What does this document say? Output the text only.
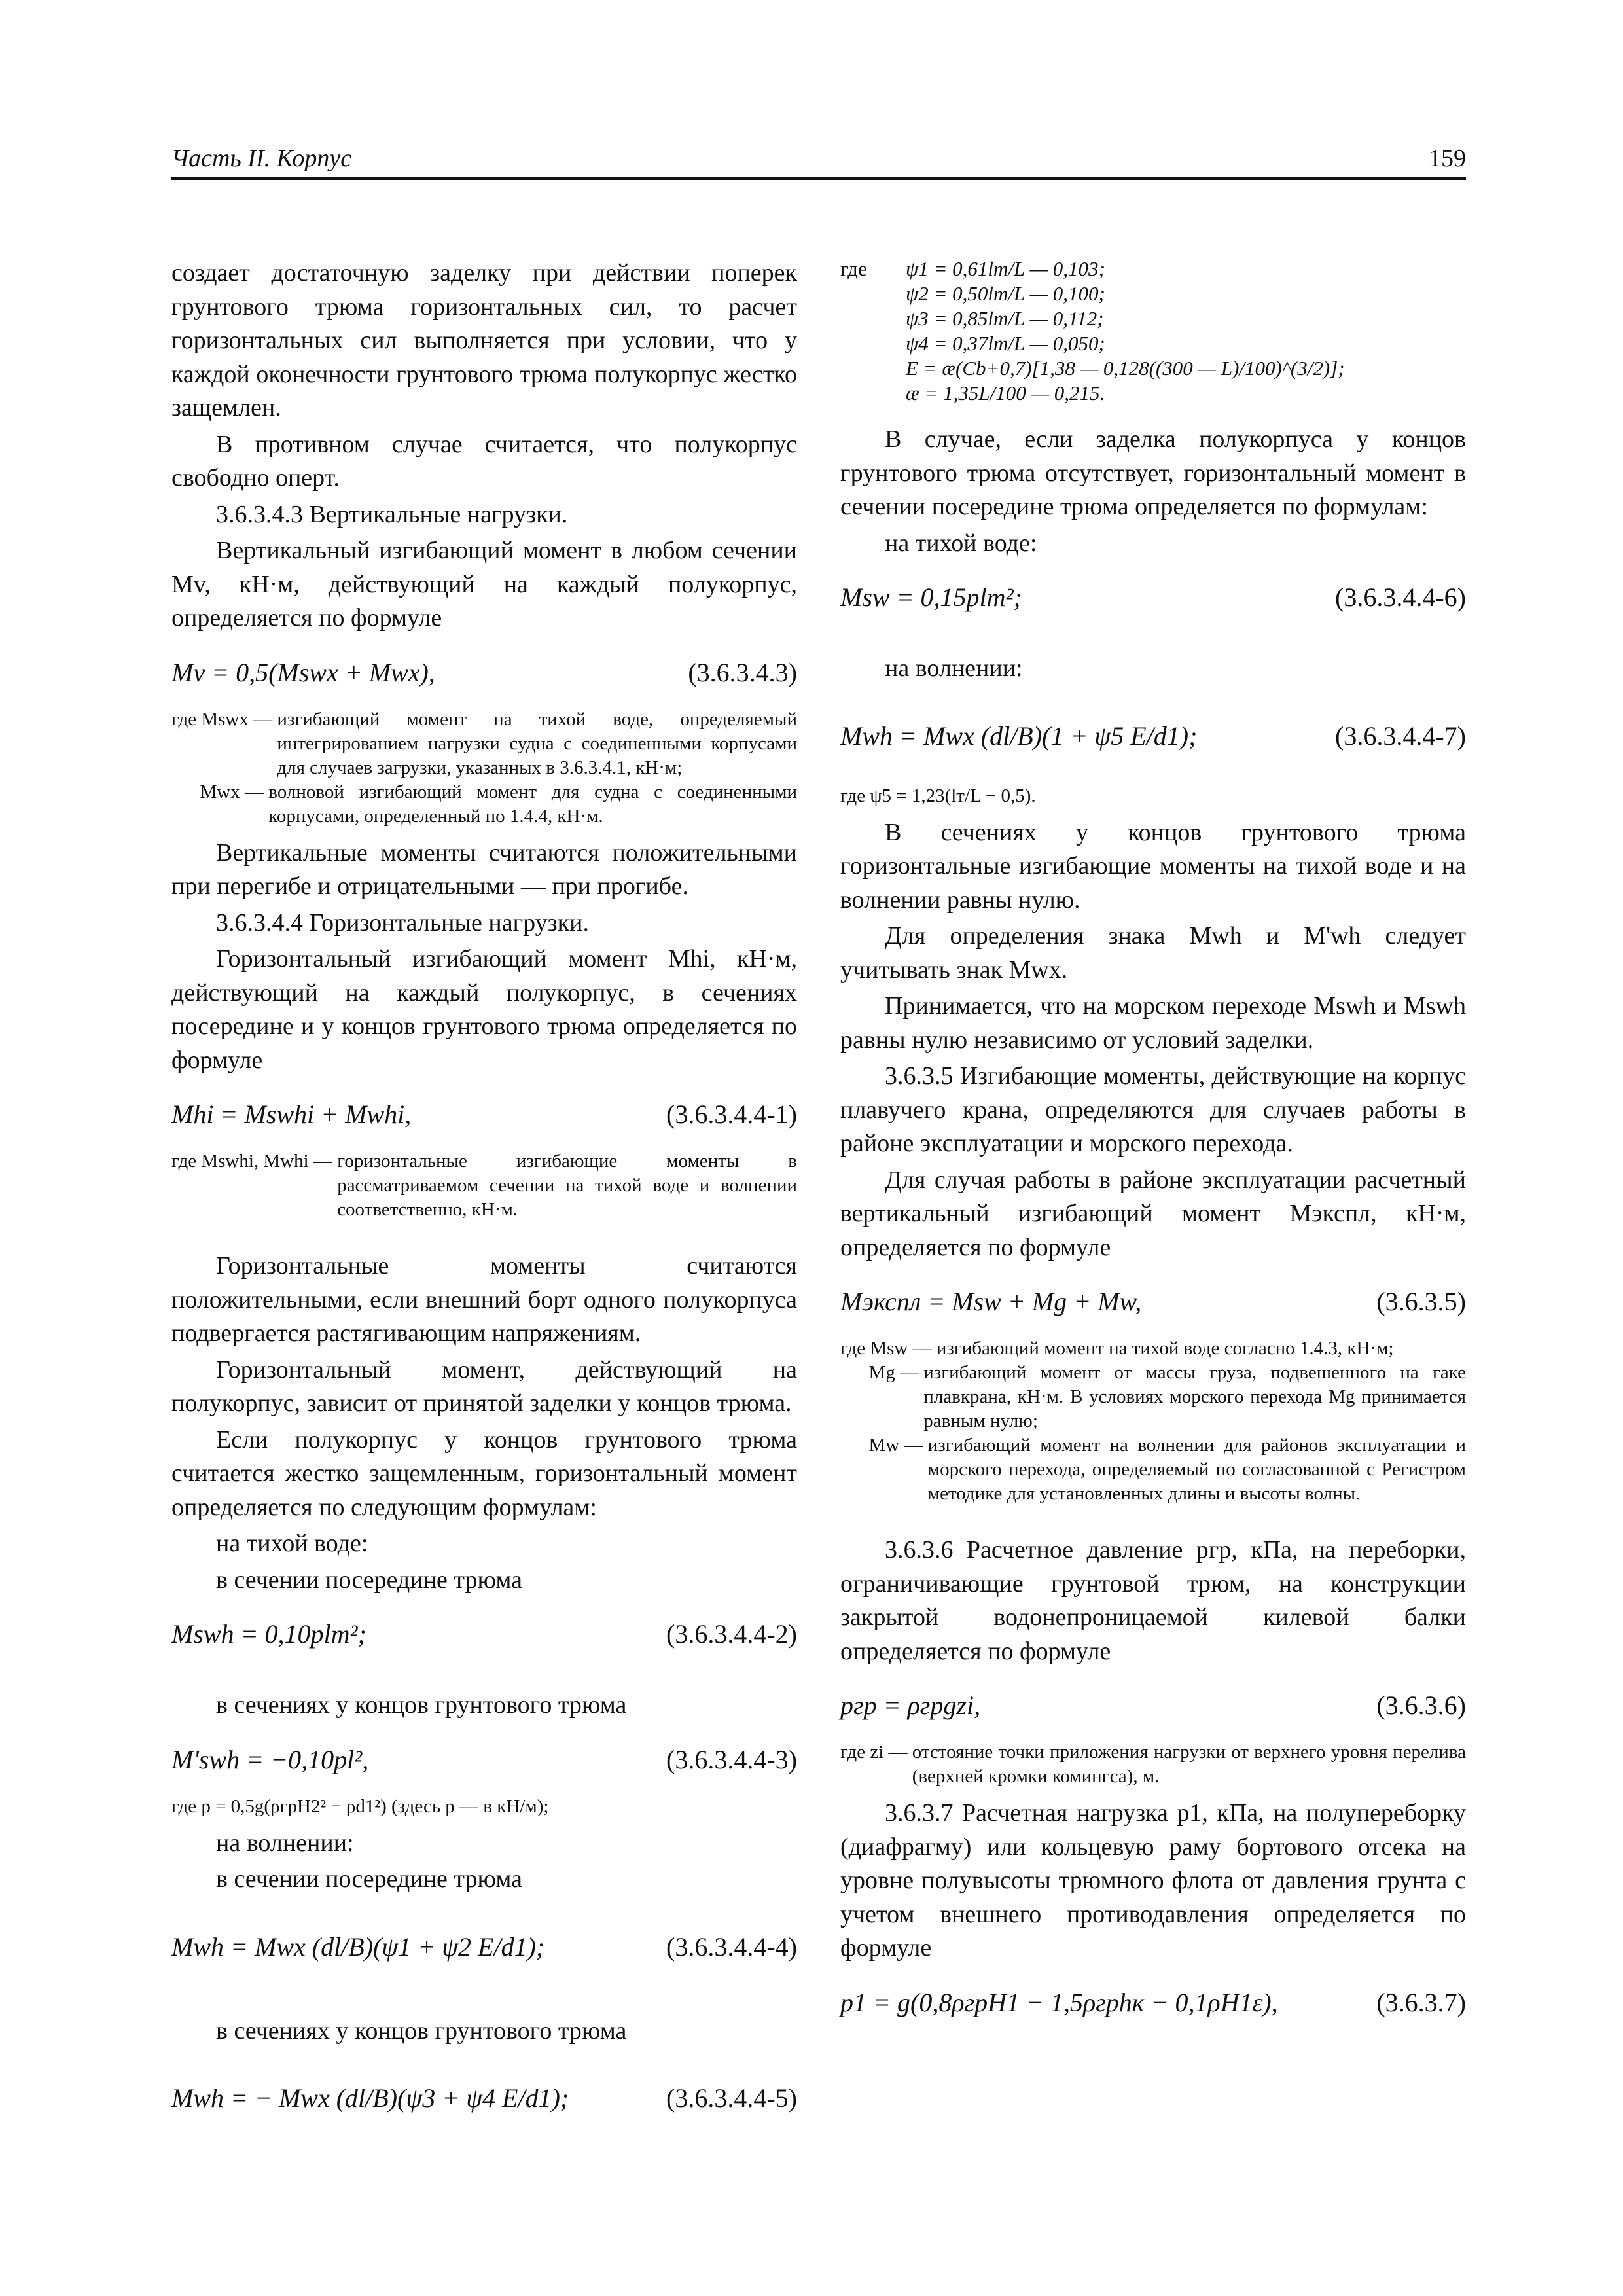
Часть II. Корпус	159

создает достаточную заделку при действии поперек грунтового трюма горизонтальных сил, то расчет горизонтальных сил выполняется при условии, что у каждой оконечности грунтового трюма полукорпус жестко защемлен.

В противном случае считается, что полукорпус свободно оперт.

3.6.3.4.3 Вертикальные нагрузки.

Вертикальный изгибающий момент в любом сечении Mv, кН·м, действующий на каждый полукорпус, определяется по формуле

Mv = 0,5(Mswx + Mwx),	(3.6.3.4.3)
где Mswx — изгибающий момент на тихой воде, определяемый интегрированием нагрузки судна с соединенными корпусами для случаев загрузки, указанных в 3.6.3.4.1, кН·м;
Mwx — волновой изгибающий момент для судна с соединенными корпусами, определенный по 1.4.4, кН·м.

Вертикальные моменты считаются положительными при перегибе и отрицательными — при прогибе.

3.6.3.4.4 Горизонтальные нагрузки.

Горизонтальный изгибающий момент Mhi, кН·м, действующий на каждый полукорпус, в сечениях посередине и у концов грунтового трюма определяется по формуле

Mhi = Mswhi + Mwhi,	(3.6.3.4.4-1)
где Mswhi, Mwhi — горизонтальные изгибающие моменты в рассматриваемом сечении на тихой воде и волнении соответственно, кН·м.

Горизонтальные моменты считаются положительными, если внешний борт одного полукорпуса подвергается растягивающим напряжениям.

Горизонтальный момент, действующий на полукорпус, зависит от принятой заделки у концов трюма.

Если полукорпус у концов грунтового трюма считается жестко защемленным, горизонтальный момент определяется по следующим формулам:

на тихой воде:

в сечении посередине трюма

Mswh = 0,10plт²;	(3.6.3.4.4-2)

в сечениях у концов грунтового трюма

M'swh = −0,10pl²,	(3.6.3.4.4-3)
где p = 0,5g(ρгрH2² − ρd1²) (здесь p — в кН/м);

на волнении:

в сечении посередине трюма

Mwh = Mwx (dl/B)(ψ1 + ψ2 E/d1);	(3.6.3.4.4-4)

в сечениях у концов грунтового трюма

Mwh = − Mwx (dl/B)(ψ3 + ψ4 E/d1);	(3.6.3.4.4-5)
где	ψ1 = 0,61lт/L — 0,103;
ψ2 = 0,50lт/L — 0,100;
ψ3 = 0,85lт/L — 0,112;
ψ4 = 0,37lт/L — 0,050;
E = æ(Cb+0,7)[1,38 — 0,128((300 — L)/100)^(3/2)];
æ = 1,35L/100 — 0,215.

В случае, если заделка полукорпуса у концов грунтового трюма отсутствует, горизонтальный момент в сечении посередине трюма определяется по формулам:

на тихой воде:

Msw = 0,15plт²;	(3.6.3.4.4-6)

на волнении:

Mwh = Mwx (dl/B)(1 + ψ5 E/d1);	(3.6.3.4.4-7)
где ψ5 = 1,23(lт/L − 0,5).

В сечениях у концов грунтового трюма горизонтальные изгибающие моменты на тихой воде и на волнении равны нулю.

Для определения знака Mwh и M'wh следует учитывать знак Mwx.

Принимается, что на морском переходе Mswh и Mswh равны нулю независимо от условий заделки.

3.6.3.5 Изгибающие моменты, действующие на корпус плавучего крана, определяются для случаев работы в районе эксплуатации и морского перехода.

Для случая работы в районе эксплуатации расчетный вертикальный изгибающий момент Mэкспл, кН·м, определяется по формуле

Mэкспл = Msw + Mg + Mw,	(3.6.3.5)
где Msw — изгибающий момент на тихой воде согласно 1.4.3, кН·м;
Mg — изгибающий момент от массы груза, подвешенного на гаке плавкрана, кН·м. В условиях морского перехода Mg принимается равным нулю;
Mw — изгибающий момент на волнении для районов эксплуатации и морского перехода, определяемый по согласованной с Регистром методике для установленных длины и высоты волны.

3.6.3.6 Расчетное давление pгр, кПа, на переборки, ограничивающие грунтовой трюм, на конструкции закрытой водонепроницаемой килевой балки определяется по формуле

pгр = ρгрgzi,	(3.6.3.6)
где zi — отстояние точки приложения нагрузки от верхнего уровня перелива (верхней кромки комингса), м.

3.6.3.7 Расчетная нагрузка p1, кПа, на полупереборку (диафрагму) или кольцевую раму бортового отсека на уровне полувысоты трюмного флота от давления грунта с учетом внешнего противодавления определяется по формуле

p1 = g(0,8ρгрH1 − 1,5ρгрhк − 0,1ρH1ε),	(3.6.3.7)
